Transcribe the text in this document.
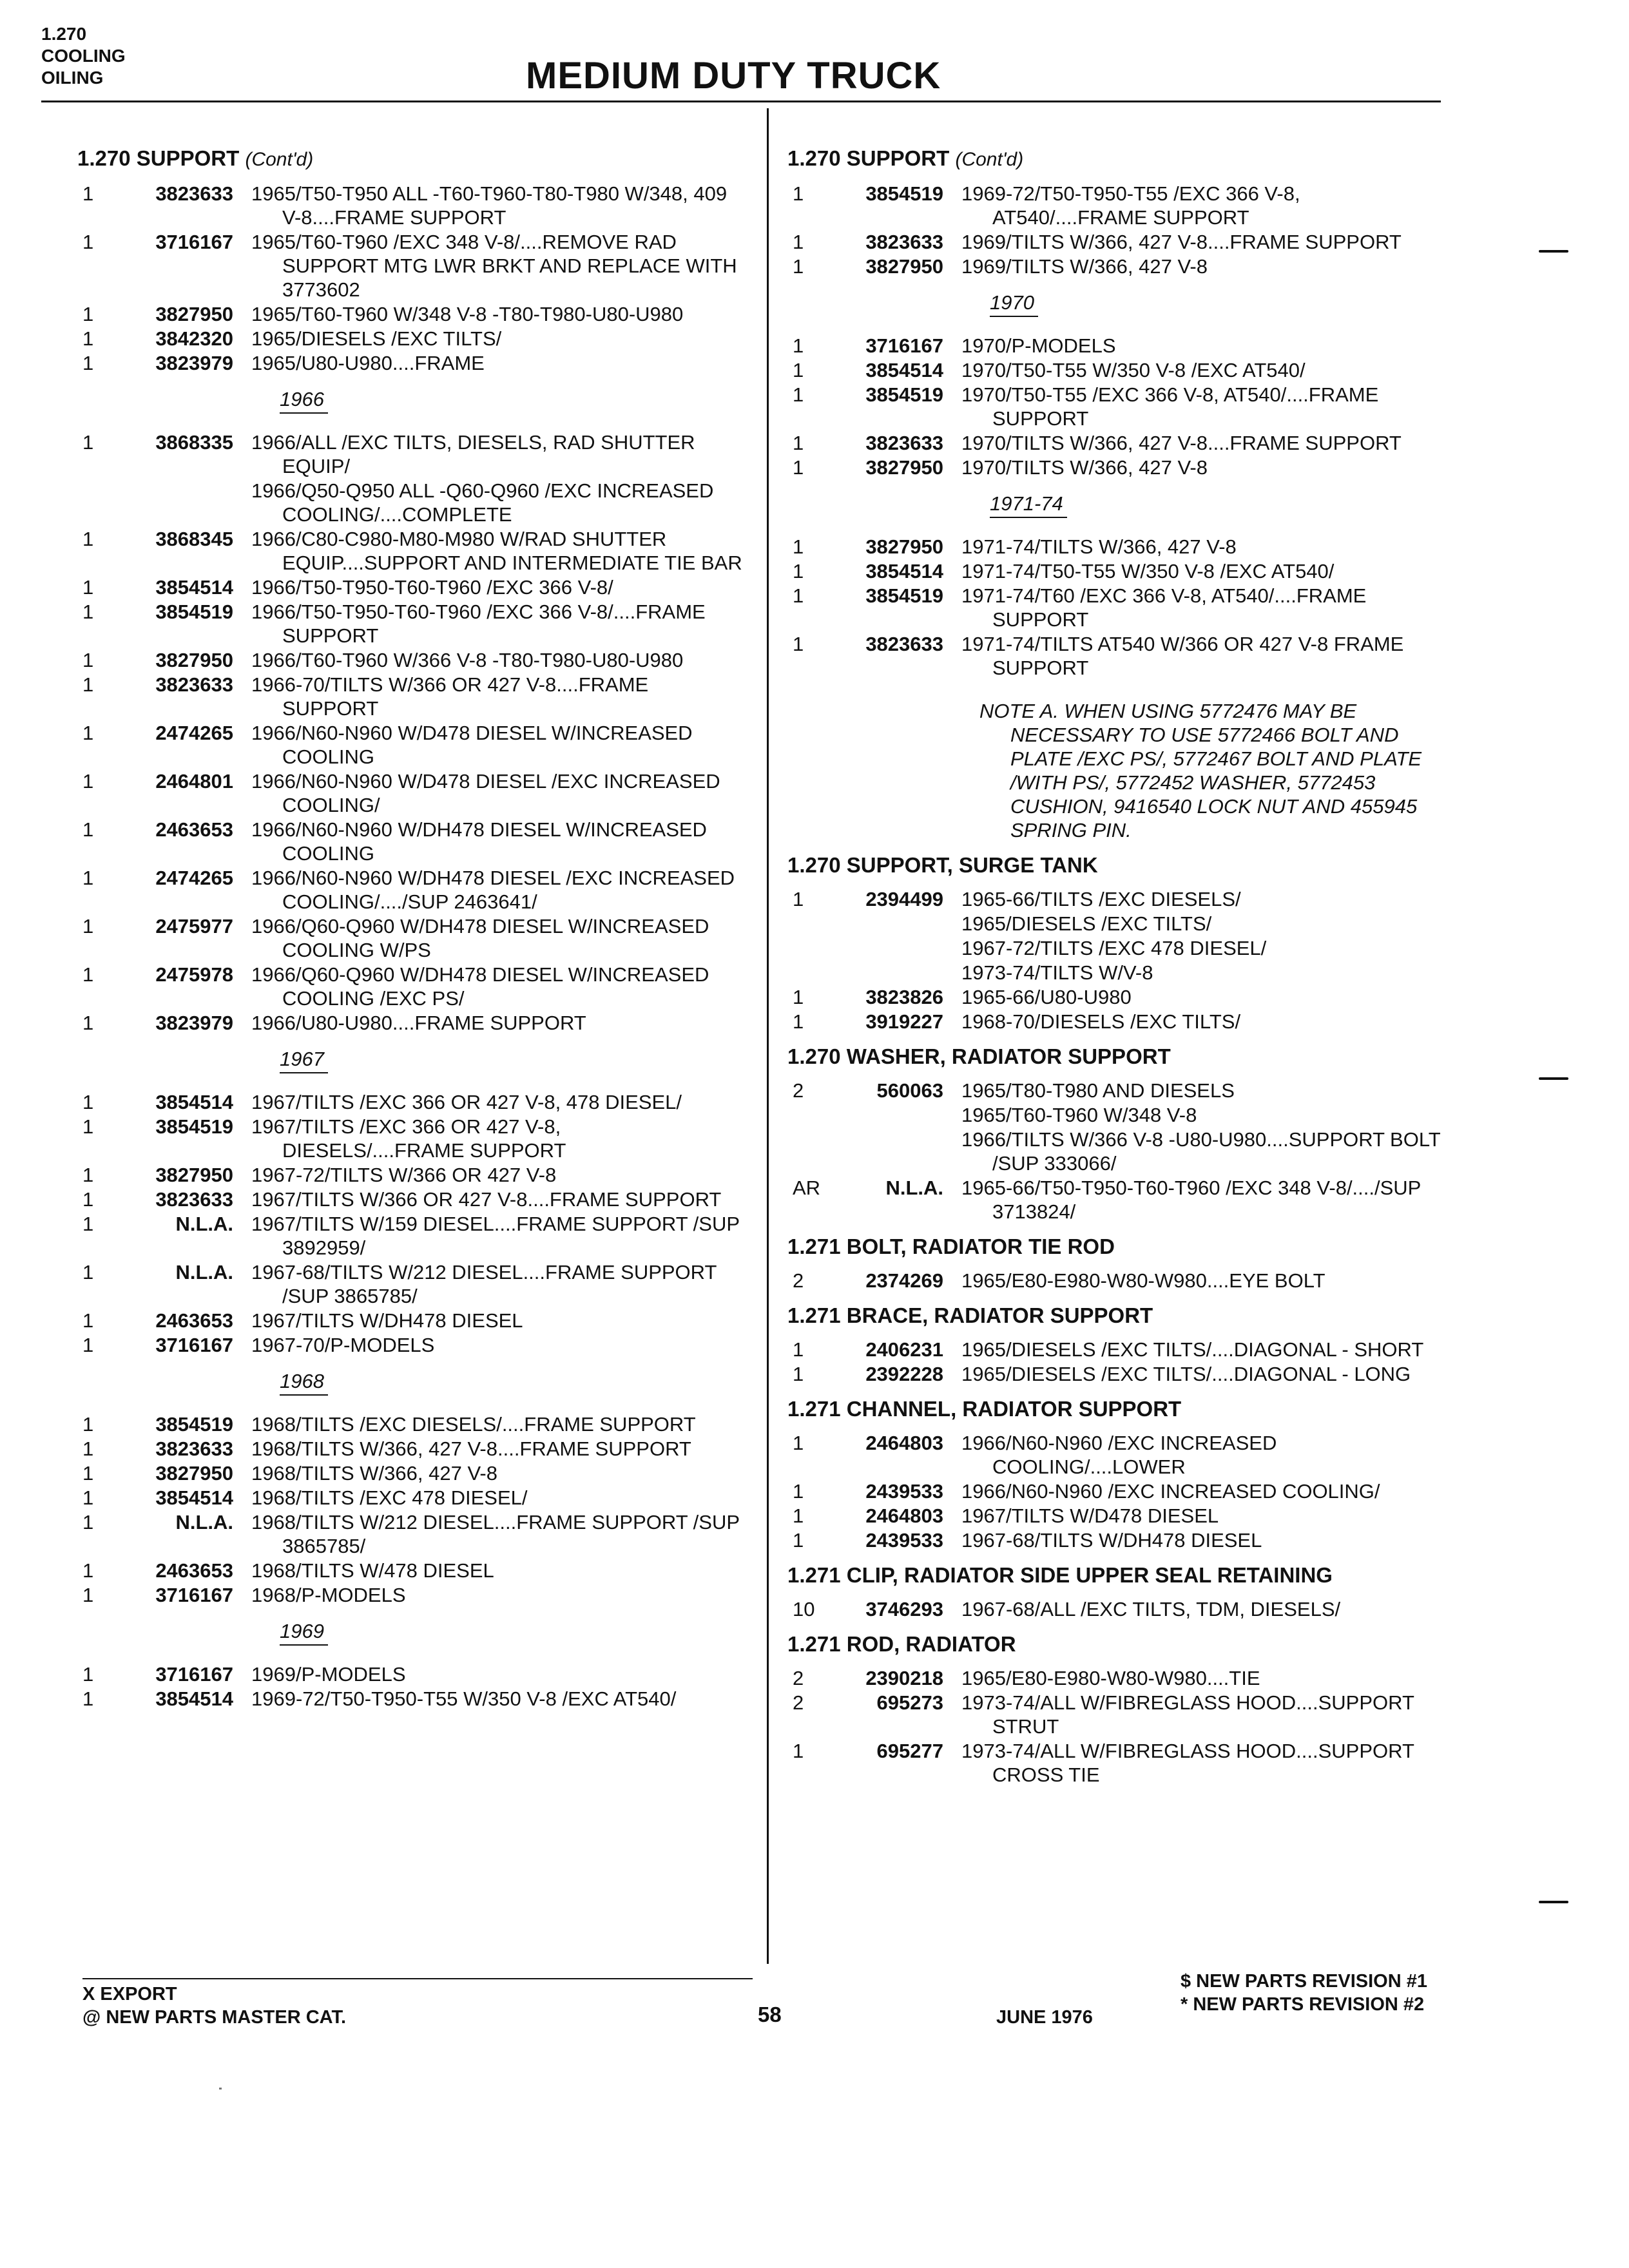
1.270
COOLING
OILING	MEDIUM DUTY TRUCK
1.270 SUPPORT (Cont'd)
1	3823633 1965/T50-T950 ALL -T60-T960-T80-T980 W/348, 409 V-8....FRAME SUPPORT
1	3716167 1965/T60-T960 /EXC 348 V-8/....REMOVE RAD SUPPORT MTG LWR BRKT AND REPLACE WITH 3773602
1	3827950 1965/T60-T960 W/348 V-8 -T80-T980-U80-U980
1	3842320 1965/DIESELS /EXC TILTS/
1	3823979 1965/U80-U980....FRAME
1966
1	3868335 1966/ALL /EXC TILTS, DIESELS, RAD SHUTTER EQUIP/
1966/Q50-Q950 ALL -Q60-Q960 /EXC INCREASED COOLING/....COMPLETE
1	3868345 1966/C80-C980-M80-M980 W/RAD SHUTTER EQUIP....SUPPORT AND INTERMEDIATE TIE BAR
1	3854514 1966/T50-T950-T60-T960 /EXC 366 V-8/
1	3854519 1966/T50-T950-T60-T960 /EXC 366 V-8/....FRAME SUPPORT
1	3827950 1966/T60-T960 W/366 V-8 -T80-T980-U80-U980
1	3823633 1966-70/TILTS W/366 OR 427 V-8....FRAME SUPPORT
1	2474265 1966/N60-N960 W/D478 DIESEL W/INCREASED COOLING
1	2464801 1966/N60-N960 W/D478 DIESEL /EXC INCREASED COOLING/
1	2463653 1966/N60-N960 W/DH478 DIESEL W/INCREASED COOLING
1	2474265 1966/N60-N960 W/DH478 DIESEL /EXC INCREASED COOLING/..../SUP 2463641/
1	2475977 1966/Q60-Q960 W/DH478 DIESEL W/INCREASED COOLING W/PS
1	2475978 1966/Q60-Q960 W/DH478 DIESEL W/INCREASED COOLING /EXC PS/
1	3823979 1966/U80-U980....FRAME SUPPORT
1967
1	3854514 1967/TILTS /EXC 366 OR 427 V-8, 478 DIESEL/
1	3854519 1967/TILTS /EXC 366 OR 427 V-8, DIESELS/....FRAME SUPPORT
1	3827950 1967-72/TILTS W/366 OR 427 V-8
1	3823633 1967/TILTS W/366 OR 427 V-8....FRAME SUPPORT
1	N.L.A. 1967/TILTS W/159 DIESEL....FRAME SUPPORT /SUP 3892959/
1	N.L.A. 1967-68/TILTS W/212 DIESEL....FRAME SUPPORT /SUP 3865785/
1	2463653 1967/TILTS W/DH478 DIESEL
1	3716167 1967-70/P-MODELS
1968
1	3854519 1968/TILTS /EXC DIESELS/....FRAME SUPPORT
1	3823633 1968/TILTS W/366, 427 V-8....FRAME SUPPORT
1	3827950 1968/TILTS W/366, 427 V-8
1	3854514 1968/TILTS /EXC 478 DIESEL/
1	N.L.A. 1968/TILTS W/212 DIESEL....FRAME SUPPORT /SUP 3865785/
1	2463653 1968/TILTS W/478 DIESEL
1	3716167 1968/P-MODELS
1969
1	3716167 1969/P-MODELS
1	3854514 1969-72/T50-T950-T55 W/350 V-8 /EXC AT540/
1.270 SUPPORT (Cont'd)
1	3854519 1969-72/T50-T950-T55 /EXC 366 V-8, AT540/....FRAME SUPPORT
1	3823633 1969/TILTS W/366, 427 V-8....FRAME SUPPORT
1	3827950 1969/TILTS W/366, 427 V-8
1970
1	3716167 1970/P-MODELS
1	3854514 1970/T50-T55 W/350 V-8 /EXC AT540/
1	3854519 1970/T50-T55 /EXC 366 V-8, AT540/....FRAME SUPPORT
1	3823633 1970/TILTS W/366, 427 V-8....FRAME SUPPORT
1	3827950 1970/TILTS W/366, 427 V-8
1971-74
1	3827950 1971-74/TILTS W/366, 427 V-8
1	3854514 1971-74/T50-T55 W/350 V-8 /EXC AT540/
1	3854519 1971-74/T60 /EXC 366 V-8, AT540/....FRAME SUPPORT
1	3823633 1971-74/TILTS AT540 W/366 OR 427 V-8 FRAME SUPPORT
NOTE A. WHEN USING 5772476 MAY BE NECESSARY TO USE 5772466 BOLT AND PLATE /EXC PS/, 5772467 BOLT AND PLATE /WITH PS/, 5772452 WASHER, 5772453 CUSHION, 9416540 LOCK NUT AND 455945 SPRING PIN.
1.270 SUPPORT, SURGE TANK
1	2394499 1965-66/TILTS /EXC DIESELS/
1965/DIESELS /EXC TILTS/
1967-72/TILTS /EXC 478 DIESEL/
1973-74/TILTS W/V-8
1	3823826 1965-66/U80-U980
1	3919227 1968-70/DIESELS /EXC TILTS/
1.270 WASHER, RADIATOR SUPPORT
2	560063 1965/T80-T980 AND DIESELS
1965/T60-T960 W/348 V-8
1966/TILTS W/366 V-8 -U80-U980....SUPPORT BOLT /SUP 333066/
AR	N.L.A. 1965-66/T50-T950-T60-T960 /EXC 348 V-8/..../SUP 3713824/
1.271 BOLT, RADIATOR TIE ROD
2	2374269 1965/E80-E980-W80-W980....EYE BOLT
1.271 BRACE, RADIATOR SUPPORT
1	2406231 1965/DIESELS /EXC TILTS/....DIAGONAL - SHORT
1	2392228 1965/DIESELS /EXC TILTS/....DIAGONAL - LONG
1.271 CHANNEL, RADIATOR SUPPORT
1	2464803 1966/N60-N960 /EXC INCREASED COOLING/....LOWER
1	2439533 1966/N60-N960 /EXC INCREASED COOLING/
1	2464803 1967/TILTS W/D478 DIESEL
1	2439533 1967-68/TILTS W/DH478 DIESEL
1.271 CLIP, RADIATOR SIDE UPPER SEAL RETAINING
10	3746293 1967-68/ALL /EXC TILTS, TDM, DIESELS/
1.271 ROD, RADIATOR
2	2390218 1965/E80-E980-W80-W980....TIE
2	695273 1973-74/ALL W/FIBREGLASS HOOD....SUPPORT STRUT
1	695277 1973-74/ALL W/FIBREGLASS HOOD....SUPPORT CROSS TIE
X EXPORT
@ NEW PARTS MASTER CAT.	58	JUNE 1976
$ NEW PARTS REVISION #1
* NEW PARTS REVISION #2
